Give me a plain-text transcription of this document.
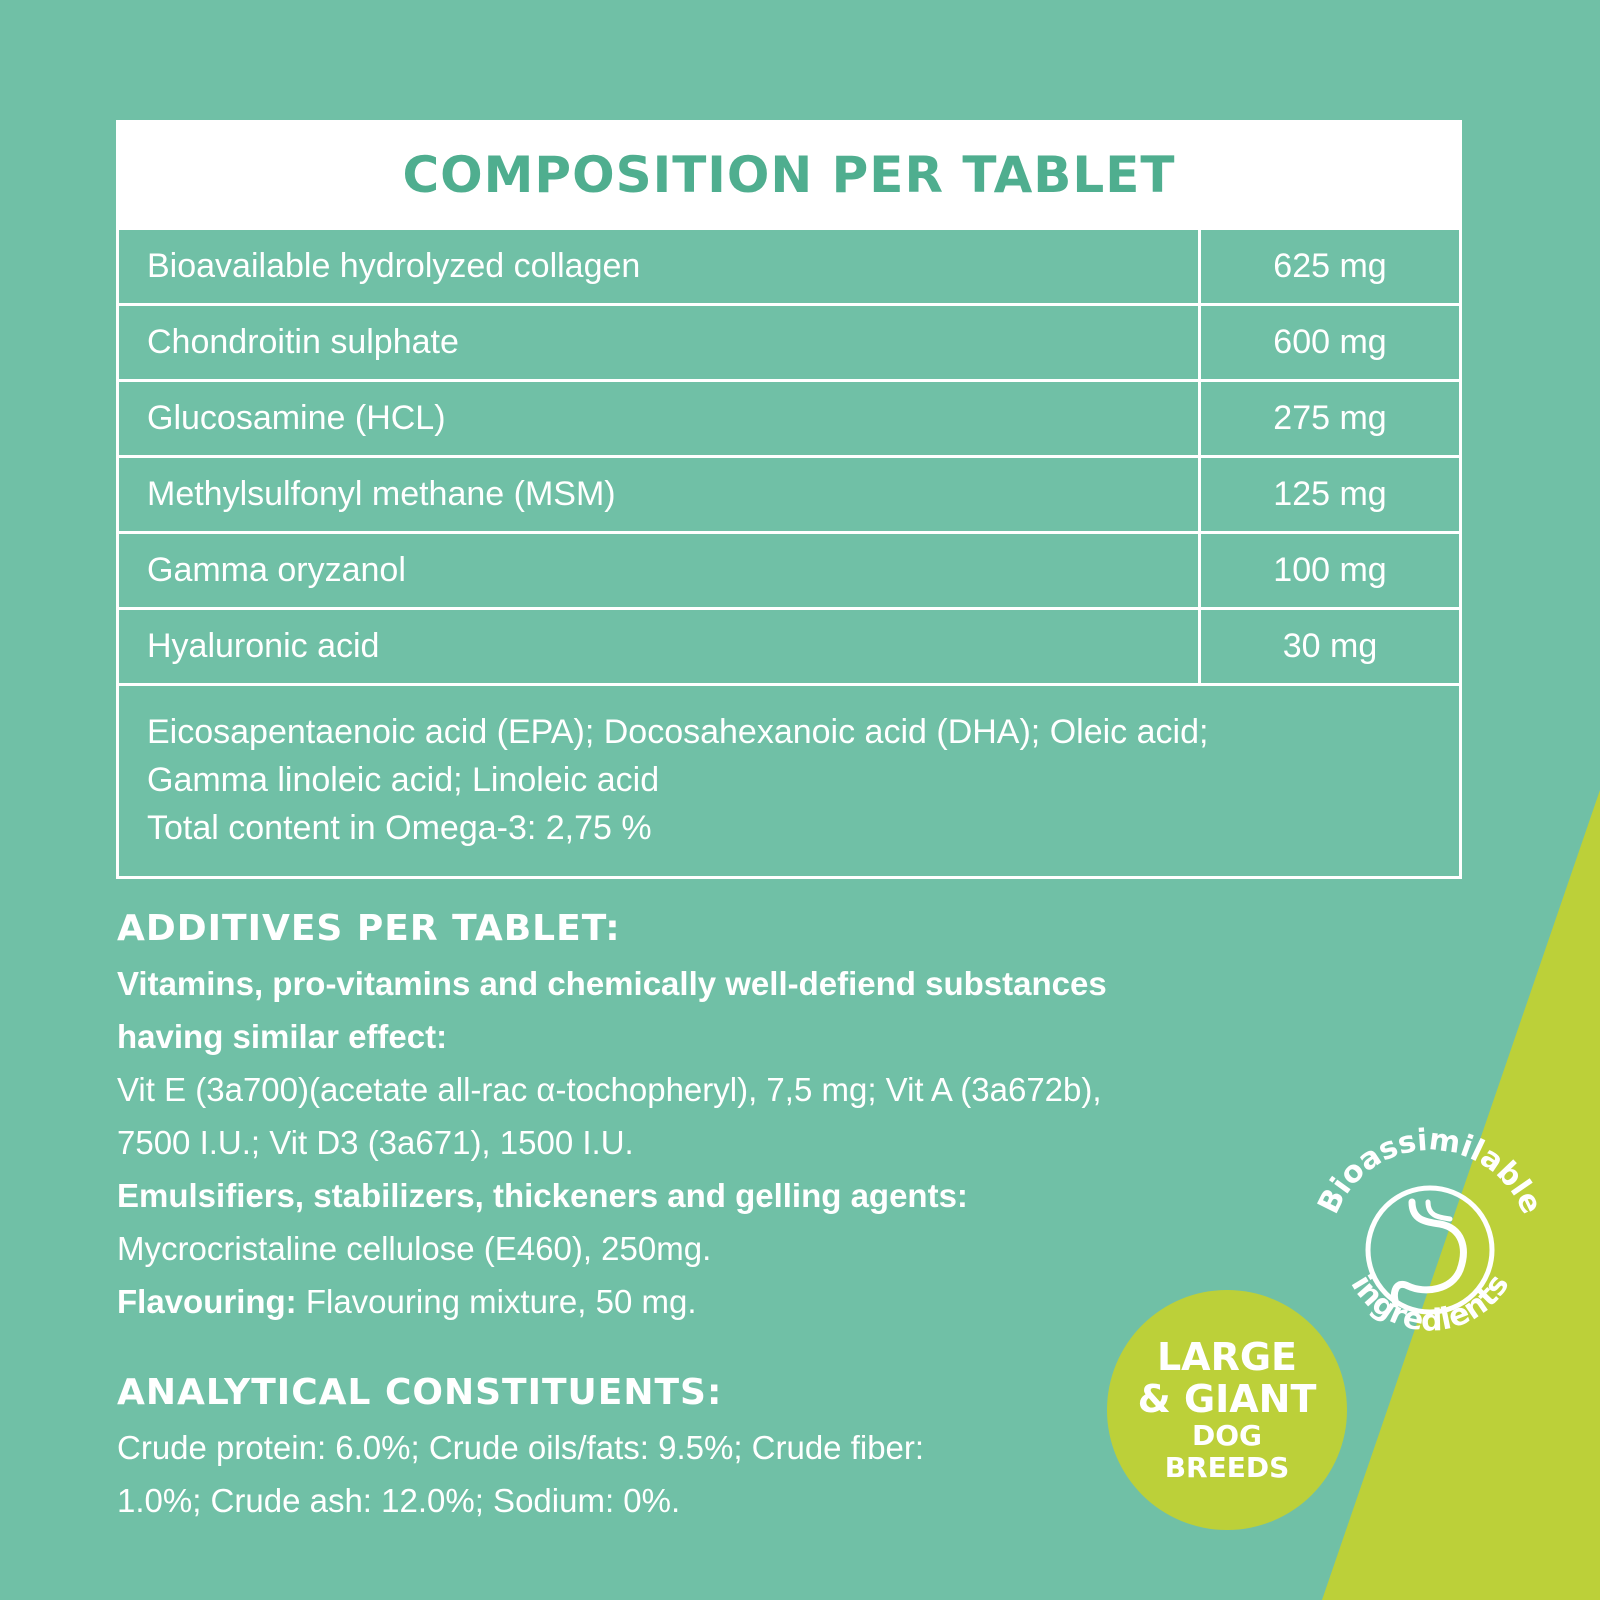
COMPOSITION PER TABLET
Bioavailable hydrolyzed collagen	625 mg
Chondroitin sulphate	600 mg
Glucosamine (HCL)	275 mg
Methylsulfonyl methane (MSM)	125 mg
Gamma oryzanol	100 mg
Hyaluronic acid	30 mg
Eicosapentaenoic acid (EPA); Docosahexanoic acid (DHA); Oleic acid;
Gamma linoleic acid; Linoleic acid
Total content in Omega-3: 2,75 %
ADDITIVES PER TABLET:
Vitamins, pro-vitamins and chemically well-defiend substances
having similar effect:
Vit E (3a700)(acetate all-rac α-tochopheryl), 7,5 mg; Vit A (3a672b),
7500 I.U.; Vit D3 (3a671), 1500 I.U.
Emulsifiers, stabilizers, thickeners and gelling agents:
Mycrocristaline cellulose (E460), 250mg.
Flavouring: Flavouring mixture, 50 mg.
ANALYTICAL CONSTITUENTS:
Crude protein: 6.0%; Crude oils/fats: 9.5%; Crude fiber:
1.0%; Crude ash: 12.0%; Sodium: 0%.
LARGE
& GIANT
DOG
BREEDS
Bioassimilable
ingredients
